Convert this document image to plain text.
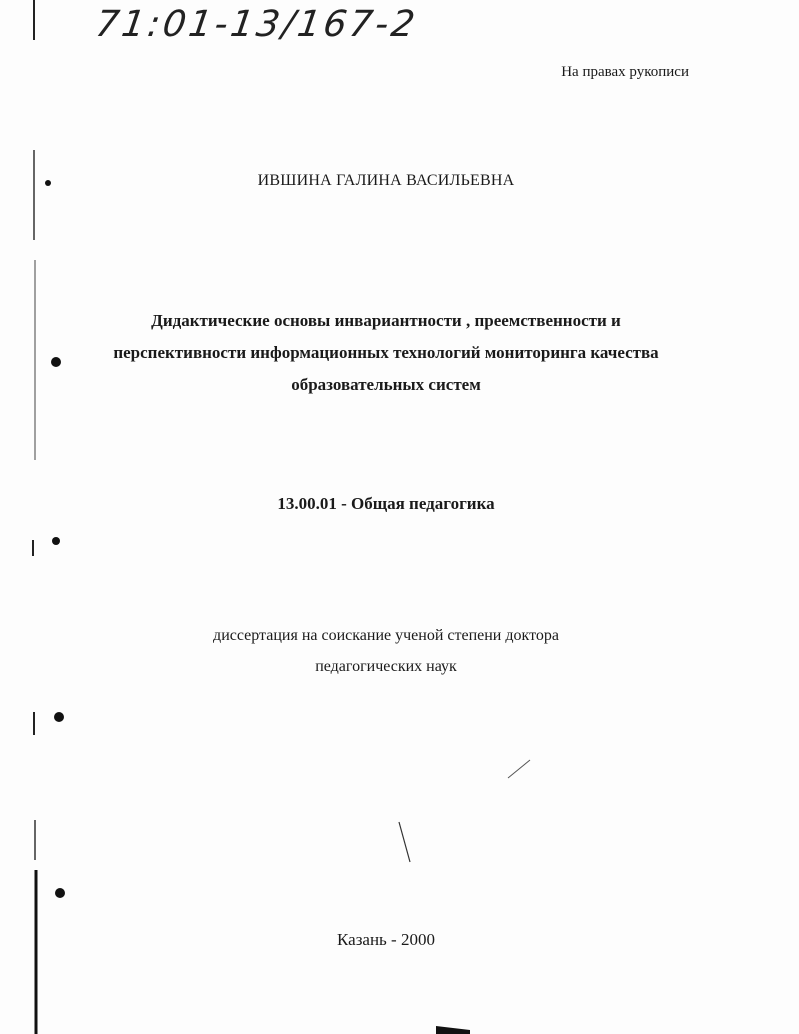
71:01-13/167-2
На правах рукописи
ИВШИНА ГАЛИНА ВАСИЛЬЕВНА
Дидактические основы инвариантности , преемственности и
перспективности информационных технологий мониторинга качества
образовательных систем
13.00.01 - Общая педагогика
диссертация на соискание ученой степени доктора
педагогических наук
Казань - 2000
